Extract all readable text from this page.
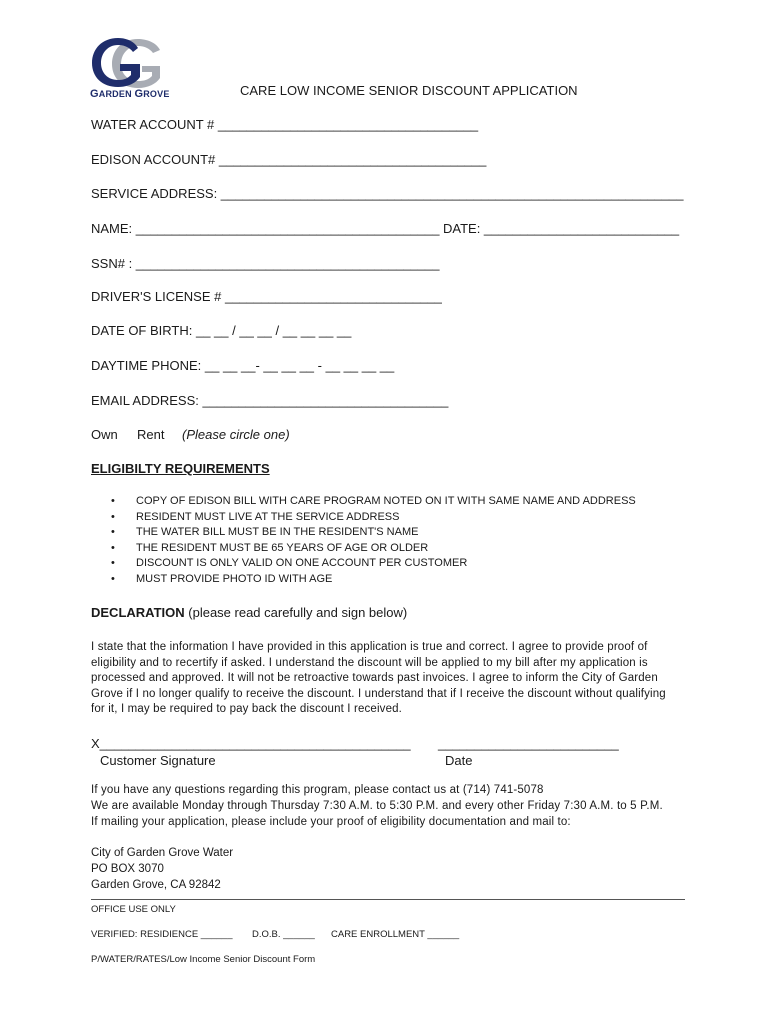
GARDEN GROVE	CARE LOW INCOME SENIOR DISCOUNT APPLICATION
WATER ACCOUNT # ____________________________________
EDISON ACCOUNT# _____________________________________
SERVICE ADDRESS: ________________________________________________________________
NAME: __________________________________________ DATE: ___________________________
SSN# : __________________________________________
DRIVER'S LICENSE # ______________________________
DATE OF BIRTH: __ __ / __ __ / __ __ __ __
DAYTIME PHONE: __ __ __- __ __ __ - __ __ __ __
EMAIL ADDRESS: __________________________________
Own Rent (Please circle one)
ELIGIBILTY REQUIREMENTS
• COPY OF EDISON BILL WITH CARE PROGRAM NOTED ON IT WITH SAME NAME AND ADDRESS
• RESIDENT MUST LIVE AT THE SERVICE ADDRESS
• THE WATER BILL MUST BE IN THE RESIDENT'S NAME
• THE RESIDENT MUST BE 65 YEARS OF AGE OR OLDER
• DISCOUNT IS ONLY VALID ON ONE ACCOUNT PER CUSTOMER
• MUST PROVIDE PHOTO ID WITH AGE
DECLARATION (please read carefully and sign below)
I state that the information I have provided in this application is true and correct. I agree to provide proof of
eligibility and to recertify if asked. I understand the discount will be applied to my bill after my application is
processed and approved. It will not be retroactive towards past invoices. I agree to inform the City of Garden
Grove if I no longer qualify to receive the discount. I understand that if I receive the discount without qualifying
for it, I may be required to pay back the discount I received.
X___________________________________________
Customer Signature
_________________________
Date
If you have any questions regarding this program, please contact us at (714) 741-5078
We are available Monday through Thursday 7:30 A.M. to 5:30 P.M. and every other Friday 7:30 A.M. to 5 P.M.
If mailing your application, please include your proof of eligibility documentation and mail to:
City of Garden Grove Water
PO BOX 3070
Garden Grove, CA 92842
OFFICE USE ONLY
VERIFIED: RESIDIENCE ______ D.O.B. ______ CARE ENROLLMENT ______
P/WATER/RATES/Low Income Senior Discount Form
